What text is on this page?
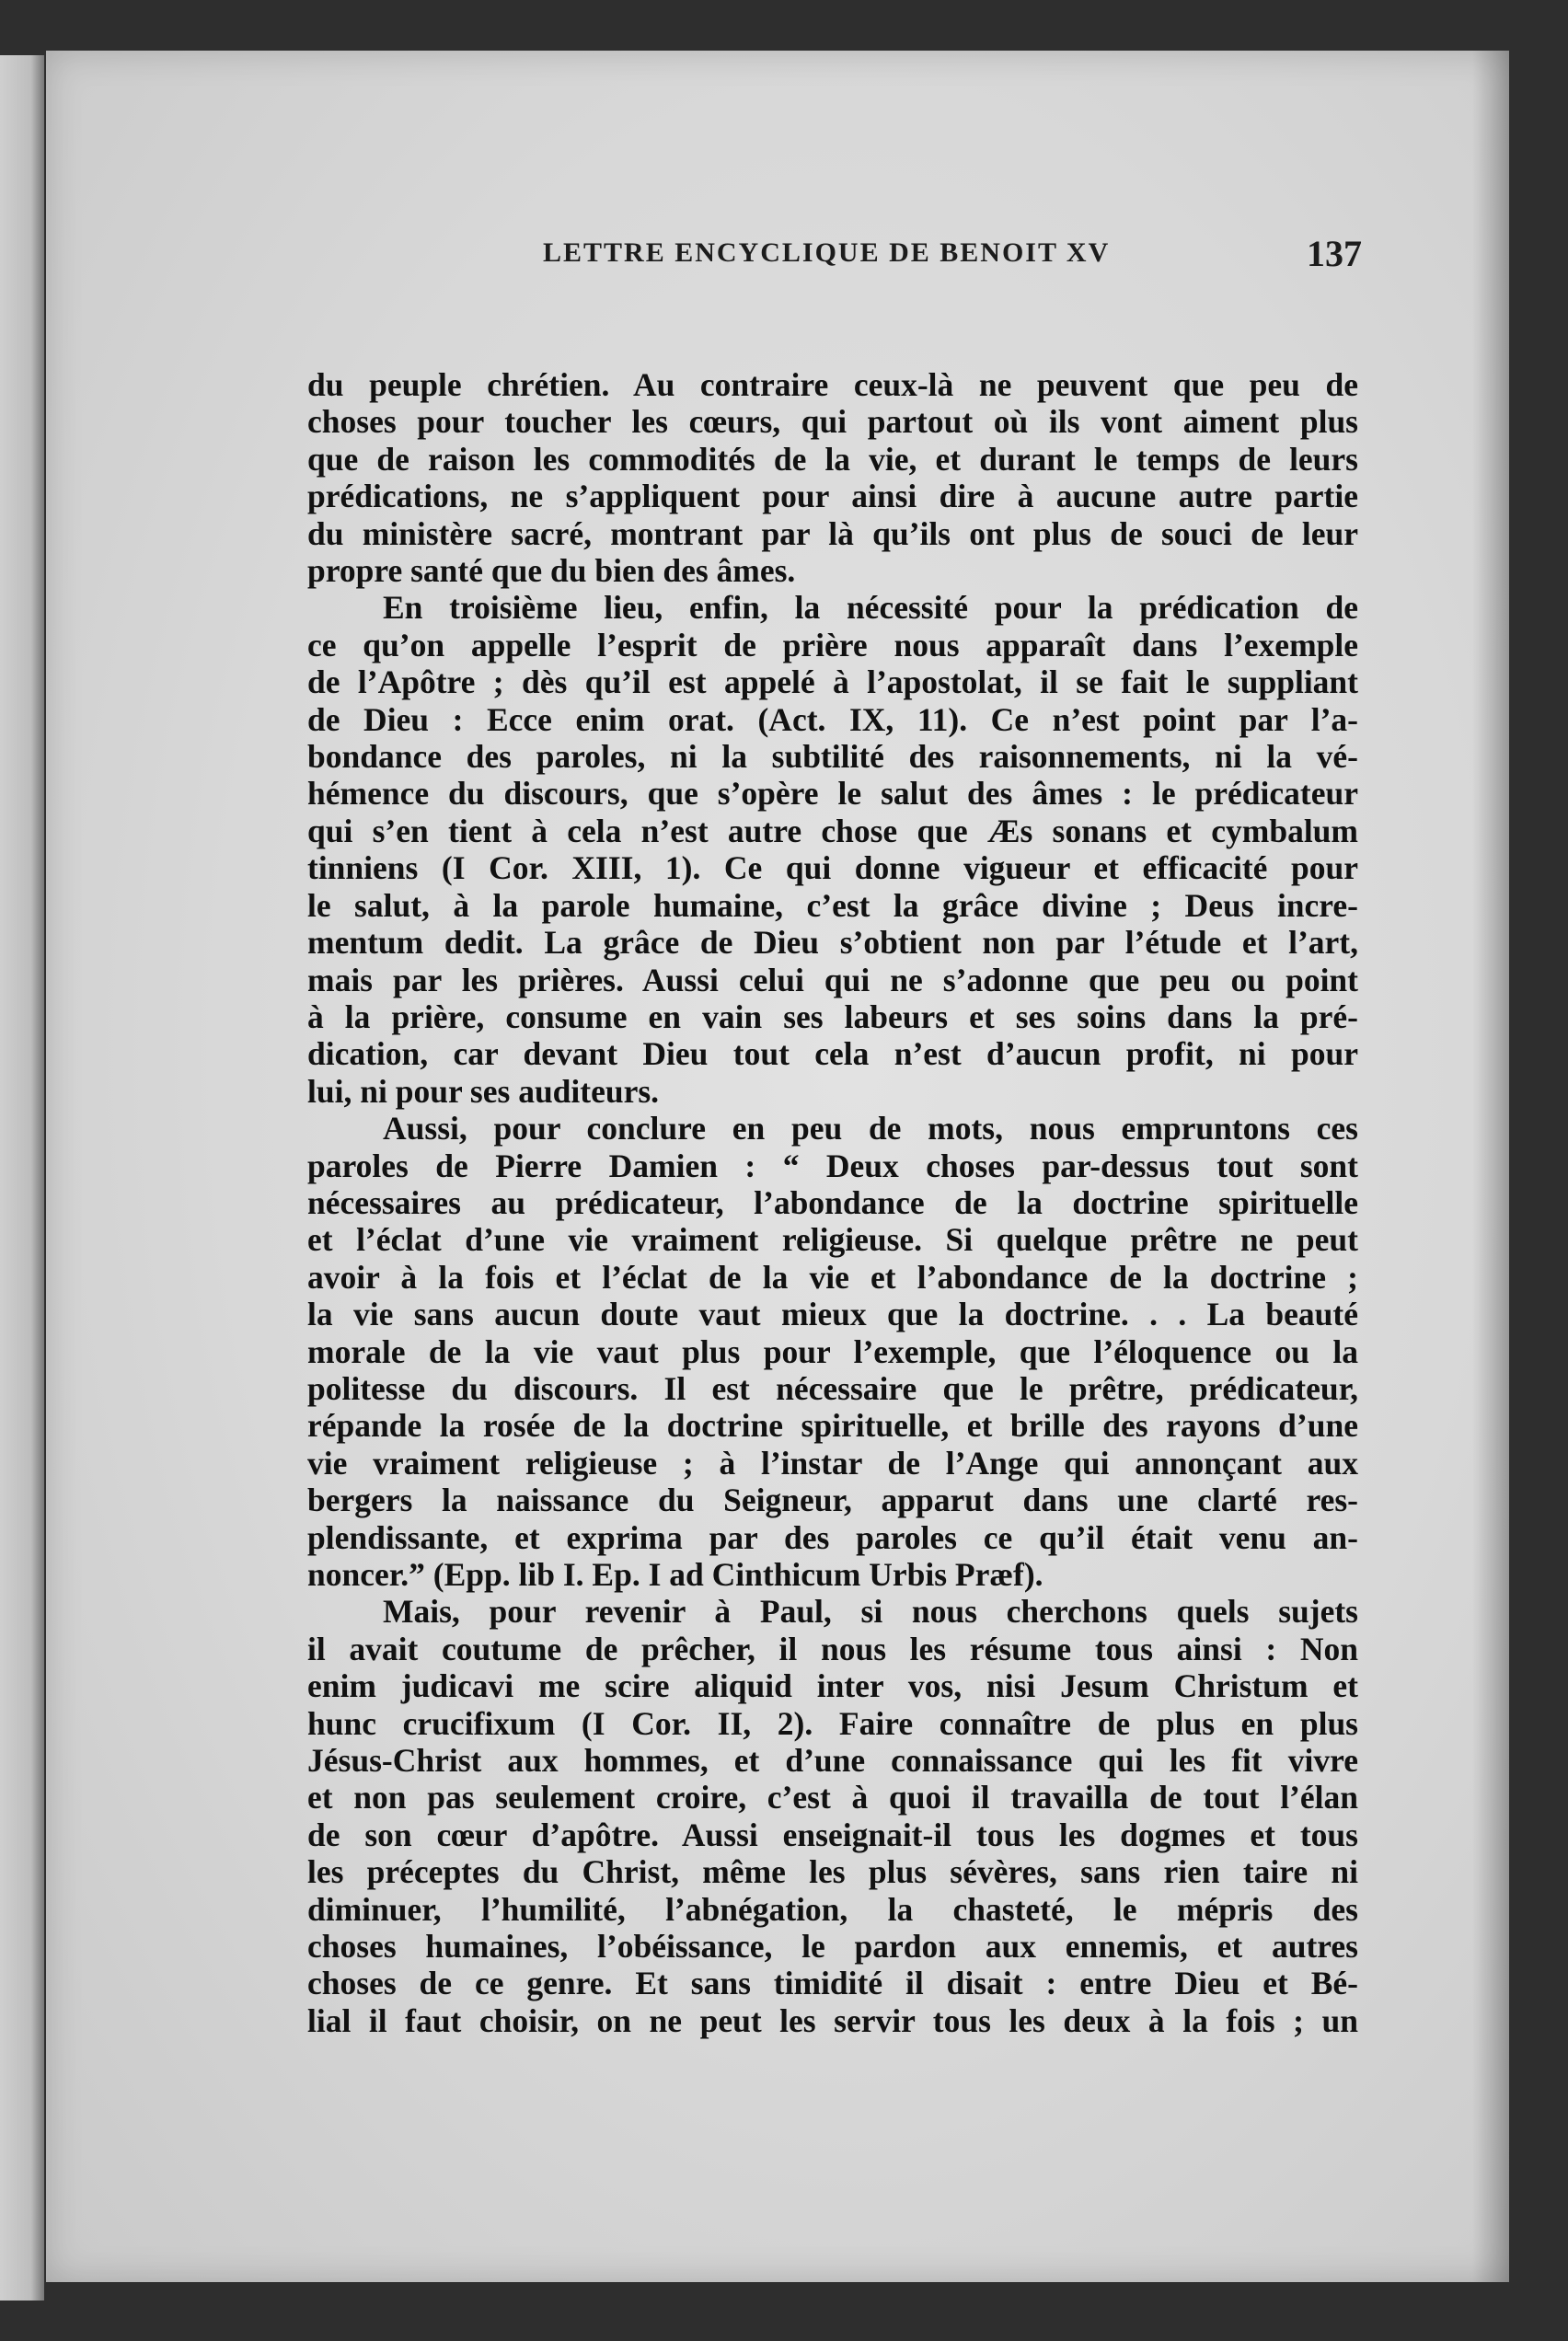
LETTRE ENCYCLIQUE DE BENOIT XV	137

du peuple chrétien. Au contraire ceux-là ne peuvent que peu de
choses pour toucher les cœurs, qui partout où ils vont aiment plus
que de raison les commodités de la vie, et durant le temps de leurs
prédications, ne s’appliquent pour ainsi dire à aucune autre partie
du ministère sacré, montrant par là qu’ils ont plus de souci de leur
propre santé que du bien des âmes.

En troisième lieu, enfin, la nécessité pour la prédication de
ce qu’on appelle l’esprit de prière nous apparaît dans l’exemple
de l’Apôtre ; dès qu’il est appelé à l’apostolat, il se fait le suppliant
de Dieu : Ecce enim orat. (Act. IX, 11). Ce n’est point par l’a-
bondance des paroles, ni la subtilité des raisonnements, ni la vé-
hémence du discours, que s’opère le salut des âmes : le prédicateur
qui s’en tient à cela n’est autre chose que Æs sonans et cymbalum
tinniens (I Cor. XIII, 1). Ce qui donne vigueur et efficacité pour
le salut, à la parole humaine, c’est la grâce divine ; Deus incre-
mentum dedit. La grâce de Dieu s’obtient non par l’étude et l’art,
mais par les prières. Aussi celui qui ne s’adonne que peu ou point
à la prière, consume en vain ses labeurs et ses soins dans la pré-
dication, car devant Dieu tout cela n’est d’aucun profit, ni pour
lui, ni pour ses auditeurs.

Aussi, pour conclure en peu de mots, nous empruntons ces
paroles de Pierre Damien : “ Deux choses par-dessus tout sont
nécessaires au prédicateur, l’abondance de la doctrine spirituelle
et l’éclat d’une vie vraiment religieuse. Si quelque prêtre ne peut
avoir à la fois et l’éclat de la vie et l’abondance de la doctrine ;
la vie sans aucun doute vaut mieux que la doctrine. . . La beauté
morale de la vie vaut plus pour l’exemple, que l’éloquence ou la
politesse du discours. Il est nécessaire que le prêtre, prédicateur,
répande la rosée de la doctrine spirituelle, et brille des rayons d’une
vie vraiment religieuse ; à l’instar de l’Ange qui annonçant aux
bergers la naissance du Seigneur, apparut dans une clarté res-
plendissante, et exprima par des paroles ce qu’il était venu an-
noncer.” (Epp. lib I. Ep. I ad Cinthicum Urbis Præf).

Mais, pour revenir à Paul, si nous cherchons quels sujets
il avait coutume de prêcher, il nous les résume tous ainsi : Non
enim judicavi me scire aliquid inter vos, nisi Jesum Christum et
hunc crucifixum (I Cor. II, 2). Faire connaître de plus en plus
Jésus-Christ aux hommes, et d’une connaissance qui les fit vivre
et non pas seulement croire, c’est à quoi il travailla de tout l’élan
de son cœur d’apôtre. Aussi enseignait-il tous les dogmes et tous
les préceptes du Christ, même les plus sévères, sans rien taire ni
diminuer, l’humilité, l’abnégation, la chasteté, le mépris des
choses humaines, l’obéissance, le pardon aux ennemis, et autres
choses de ce genre. Et sans timidité il disait : entre Dieu et Bé-
lial il faut choisir, on ne peut les servir tous les deux à la fois ; un
